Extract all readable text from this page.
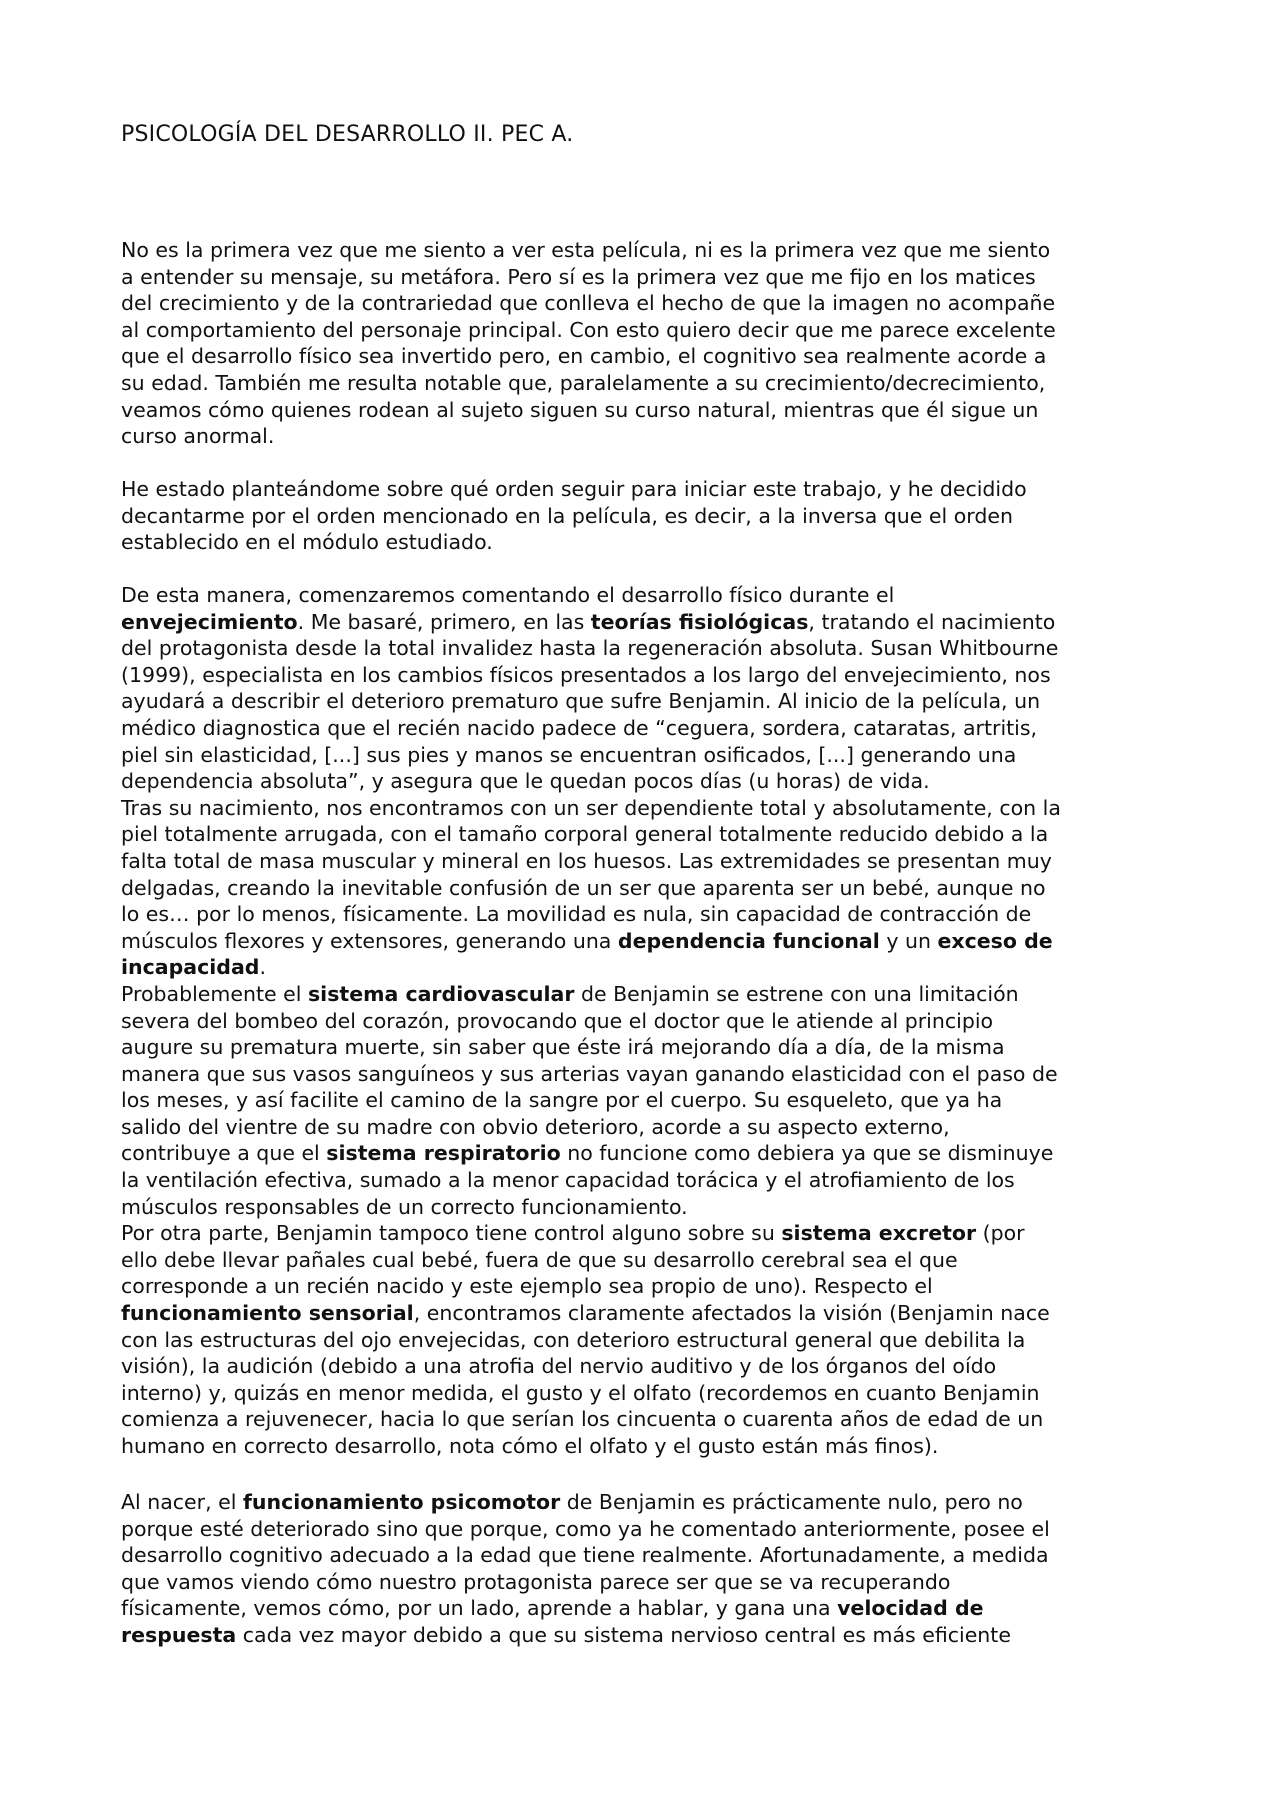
PSICOLOGÍA DEL DESARROLLO II. PEC A.

No es la primera vez que me siento a ver esta película, ni es la primera vez que me siento
a entender su mensaje, su metáfora. Pero sí es la primera vez que me fijo en los matices
del crecimiento y de la contrariedad que conlleva el hecho de que la imagen no acompañe
al comportamiento del personaje principal. Con esto quiero decir que me parece excelente
que el desarrollo físico sea invertido pero, en cambio, el cognitivo sea realmente acorde a
su edad. También me resulta notable que, paralelamente a su crecimiento/decrecimiento,
veamos cómo quienes rodean al sujeto siguen su curso natural, mientras que él sigue un
curso anormal.

He estado planteándome sobre qué orden seguir para iniciar este trabajo, y he decidido
decantarme por el orden mencionado en la película, es decir, a la inversa que el orden
establecido en el módulo estudiado.

De esta manera, comenzaremos comentando el desarrollo físico durante el
envejecimiento. Me basaré, primero, en las teorías fisiológicas, tratando el nacimiento
del protagonista desde la total invalidez hasta la regeneración absoluta. Susan Whitbourne
(1999), especialista en los cambios físicos presentados a los largo del envejecimiento, nos
ayudará a describir el deterioro prematuro que sufre Benjamin. Al inicio de la película, un
médico diagnostica que el recién nacido padece de “ceguera, sordera, cataratas, artritis,
piel sin elasticidad, [...] sus pies y manos se encuentran osificados, [...] generando una
dependencia absoluta”, y asegura que le quedan pocos días (u horas) de vida.
Tras su nacimiento, nos encontramos con un ser dependiente total y absolutamente, con la
piel totalmente arrugada, con el tamaño corporal general totalmente reducido debido a la
falta total de masa muscular y mineral en los huesos. Las extremidades se presentan muy
delgadas, creando la inevitable confusión de un ser que aparenta ser un bebé, aunque no
lo es… por lo menos, físicamente. La movilidad es nula, sin capacidad de contracción de
músculos flexores y extensores, generando una dependencia funcional y un exceso de
incapacidad.
Probablemente el sistema cardiovascular de Benjamin se estrene con una limitación
severa del bombeo del corazón, provocando que el doctor que le atiende al principio
augure su prematura muerte, sin saber que éste irá mejorando día a día, de la misma
manera que sus vasos sanguíneos y sus arterias vayan ganando elasticidad con el paso de
los meses, y así facilite el camino de la sangre por el cuerpo. Su esqueleto, que ya ha
salido del vientre de su madre con obvio deterioro, acorde a su aspecto externo,
contribuye a que el sistema respiratorio no funcione como debiera ya que se disminuye
la ventilación efectiva, sumado a la menor capacidad torácica y el atrofiamiento de los
músculos responsables de un correcto funcionamiento.
Por otra parte, Benjamin tampoco tiene control alguno sobre su sistema excretor (por
ello debe llevar pañales cual bebé, fuera de que su desarrollo cerebral sea el que
corresponde a un recién nacido y este ejemplo sea propio de uno). Respecto el
funcionamiento sensorial, encontramos claramente afectados la visión (Benjamin nace
con las estructuras del ojo envejecidas, con deterioro estructural general que debilita la
visión), la audición (debido a una atrofia del nervio auditivo y de los órganos del oído
interno) y, quizás en menor medida, el gusto y el olfato (recordemos en cuanto Benjamin
comienza a rejuvenecer, hacia lo que serían los cincuenta o cuarenta años de edad de un
humano en correcto desarrollo, nota cómo el olfato y el gusto están más finos).

Al nacer, el funcionamiento psicomotor de Benjamin es prácticamente nulo, pero no
porque esté deteriorado sino que porque, como ya he comentado anteriormente, posee el
desarrollo cognitivo adecuado a la edad que tiene realmente. Afortunadamente, a medida
que vamos viendo cómo nuestro protagonista parece ser que se va recuperando
físicamente, vemos cómo, por un lado, aprende a hablar, y gana una velocidad de
respuesta cada vez mayor debido a que su sistema nervioso central es más eficiente
